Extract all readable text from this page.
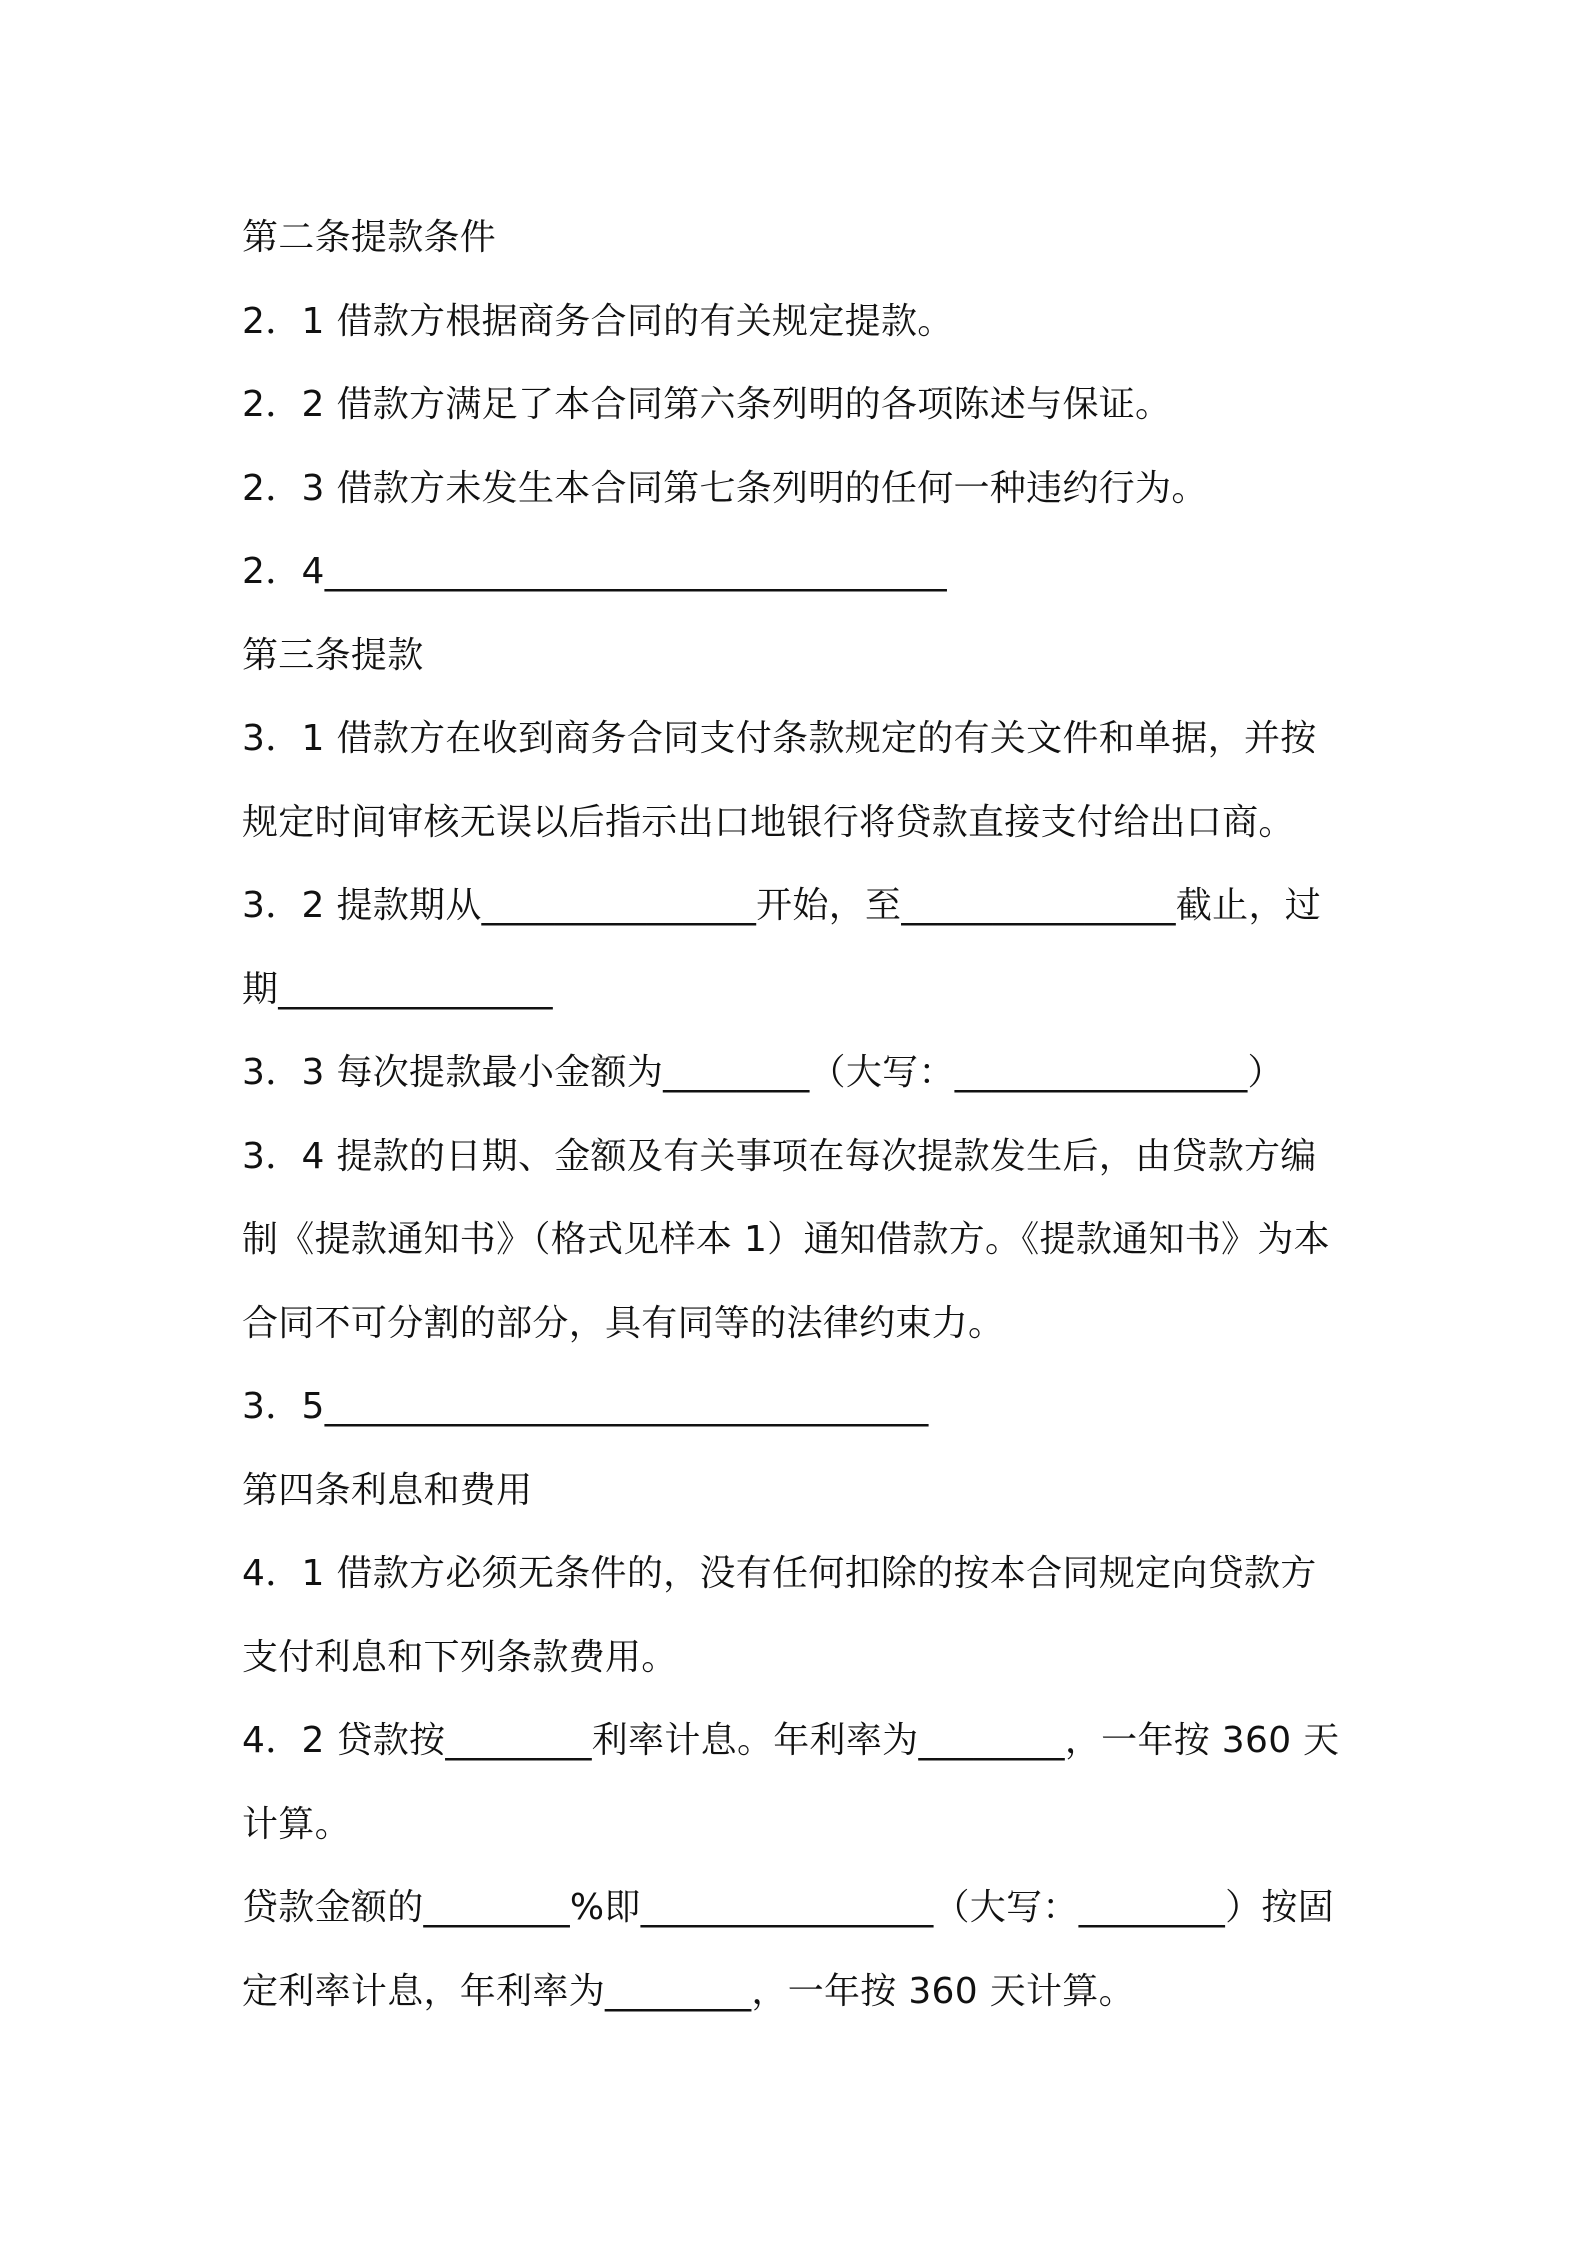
第二条提款条件
2．1 借款方根据商务合同的有关规定提款。
2．2 借款方满足了本合同第六条列明的各项陈述与保证。
2．3 借款方未发生本合同第七条列明的任何一种违约行为。
2．4__________________________________
第三条提款
3．1 借款方在收到商务合同支付条款规定的有关文件和单据，并按
规定时间审核无误以后指示出口地银行将贷款直接支付给出口商。
3．2 提款期从_______________开始，至_______________截止，过
期_______________
3．3 每次提款最小金额为________（大写：________________）
3．4 提款的日期、金额及有关事项在每次提款发生后，由贷款方编
制《提款通知书》（格式见样本 1）通知借款方。《提款通知书》为本
合同不可分割的部分，具有同等的法律约束力。
3．5_________________________________
第四条利息和费用
4．1 借款方必须无条件的，没有任何扣除的按本合同规定向贷款方
支付利息和下列条款费用。
4．2 贷款按________利率计息。年利率为________，一年按 360 天
计算。
贷款金额的________%即________________（大写：________）按固
定利率计息，年利率为________，一年按 360 天计算。
